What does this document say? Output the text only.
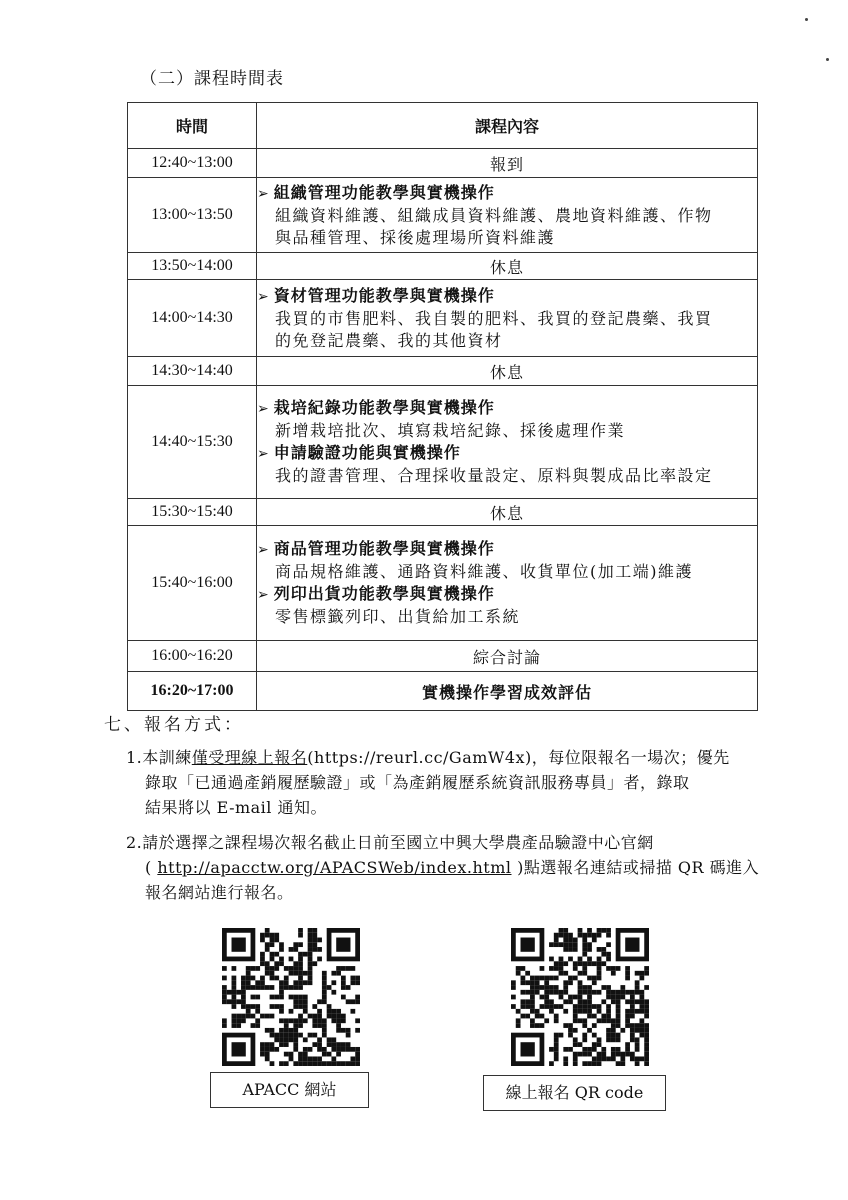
（二）課程時間表
時間	課程內容
12:40~13:00	報到
13:00~13:50	➢ 組織管理功能教學與實機操作
組織資料維護、組織成員資料維護、農地資料維護、作物
與品種管理、採後處理場所資料維護

13:50~14:00	休息
14:00~14:30	➢ 資材管理功能教學與實機操作
我買的市售肥料、我自製的肥料、我買的登記農藥、我買
的免登記農藥、我的其他資材

14:30~14:40	休息
14:40~15:30	➢ 栽培紀錄功能教學與實機操作
新增栽培批次、填寫栽培紀錄、採後處理作業
➢ 申請驗證功能與實機操作
我的證書管理、合理採收量設定、原料與製成品比率設定

15:30~15:40	休息
15:40~16:00	➢ 商品管理功能教學與實機操作
商品規格維護、通路資料維護、收貨單位(加工端)維護
➢ 列印出貨功能教學與實機操作
零售標籤列印、出貨給加工系統

16:00~16:20	綜合討論
16:20~17:00	實機操作學習成效評估
七、報名方式：
1.本訓練僅受理線上報名(https://reurl.cc/GamW4x)，每位限報名一場次；優先
錄取「已通過產銷履歷驗證」或「為產銷履歷系統資訊服務專員」者，錄取
結果將以 E-mail 通知。
2.請於選擇之課程場次報名截止日前至國立中興大學農產品驗證中心官網
( http://apacctw.org/APACSWeb/index.html )點選報名連結或掃描 QR 碼進入
報名網站進行報名。
APACC 網站	線上報名 QR code
